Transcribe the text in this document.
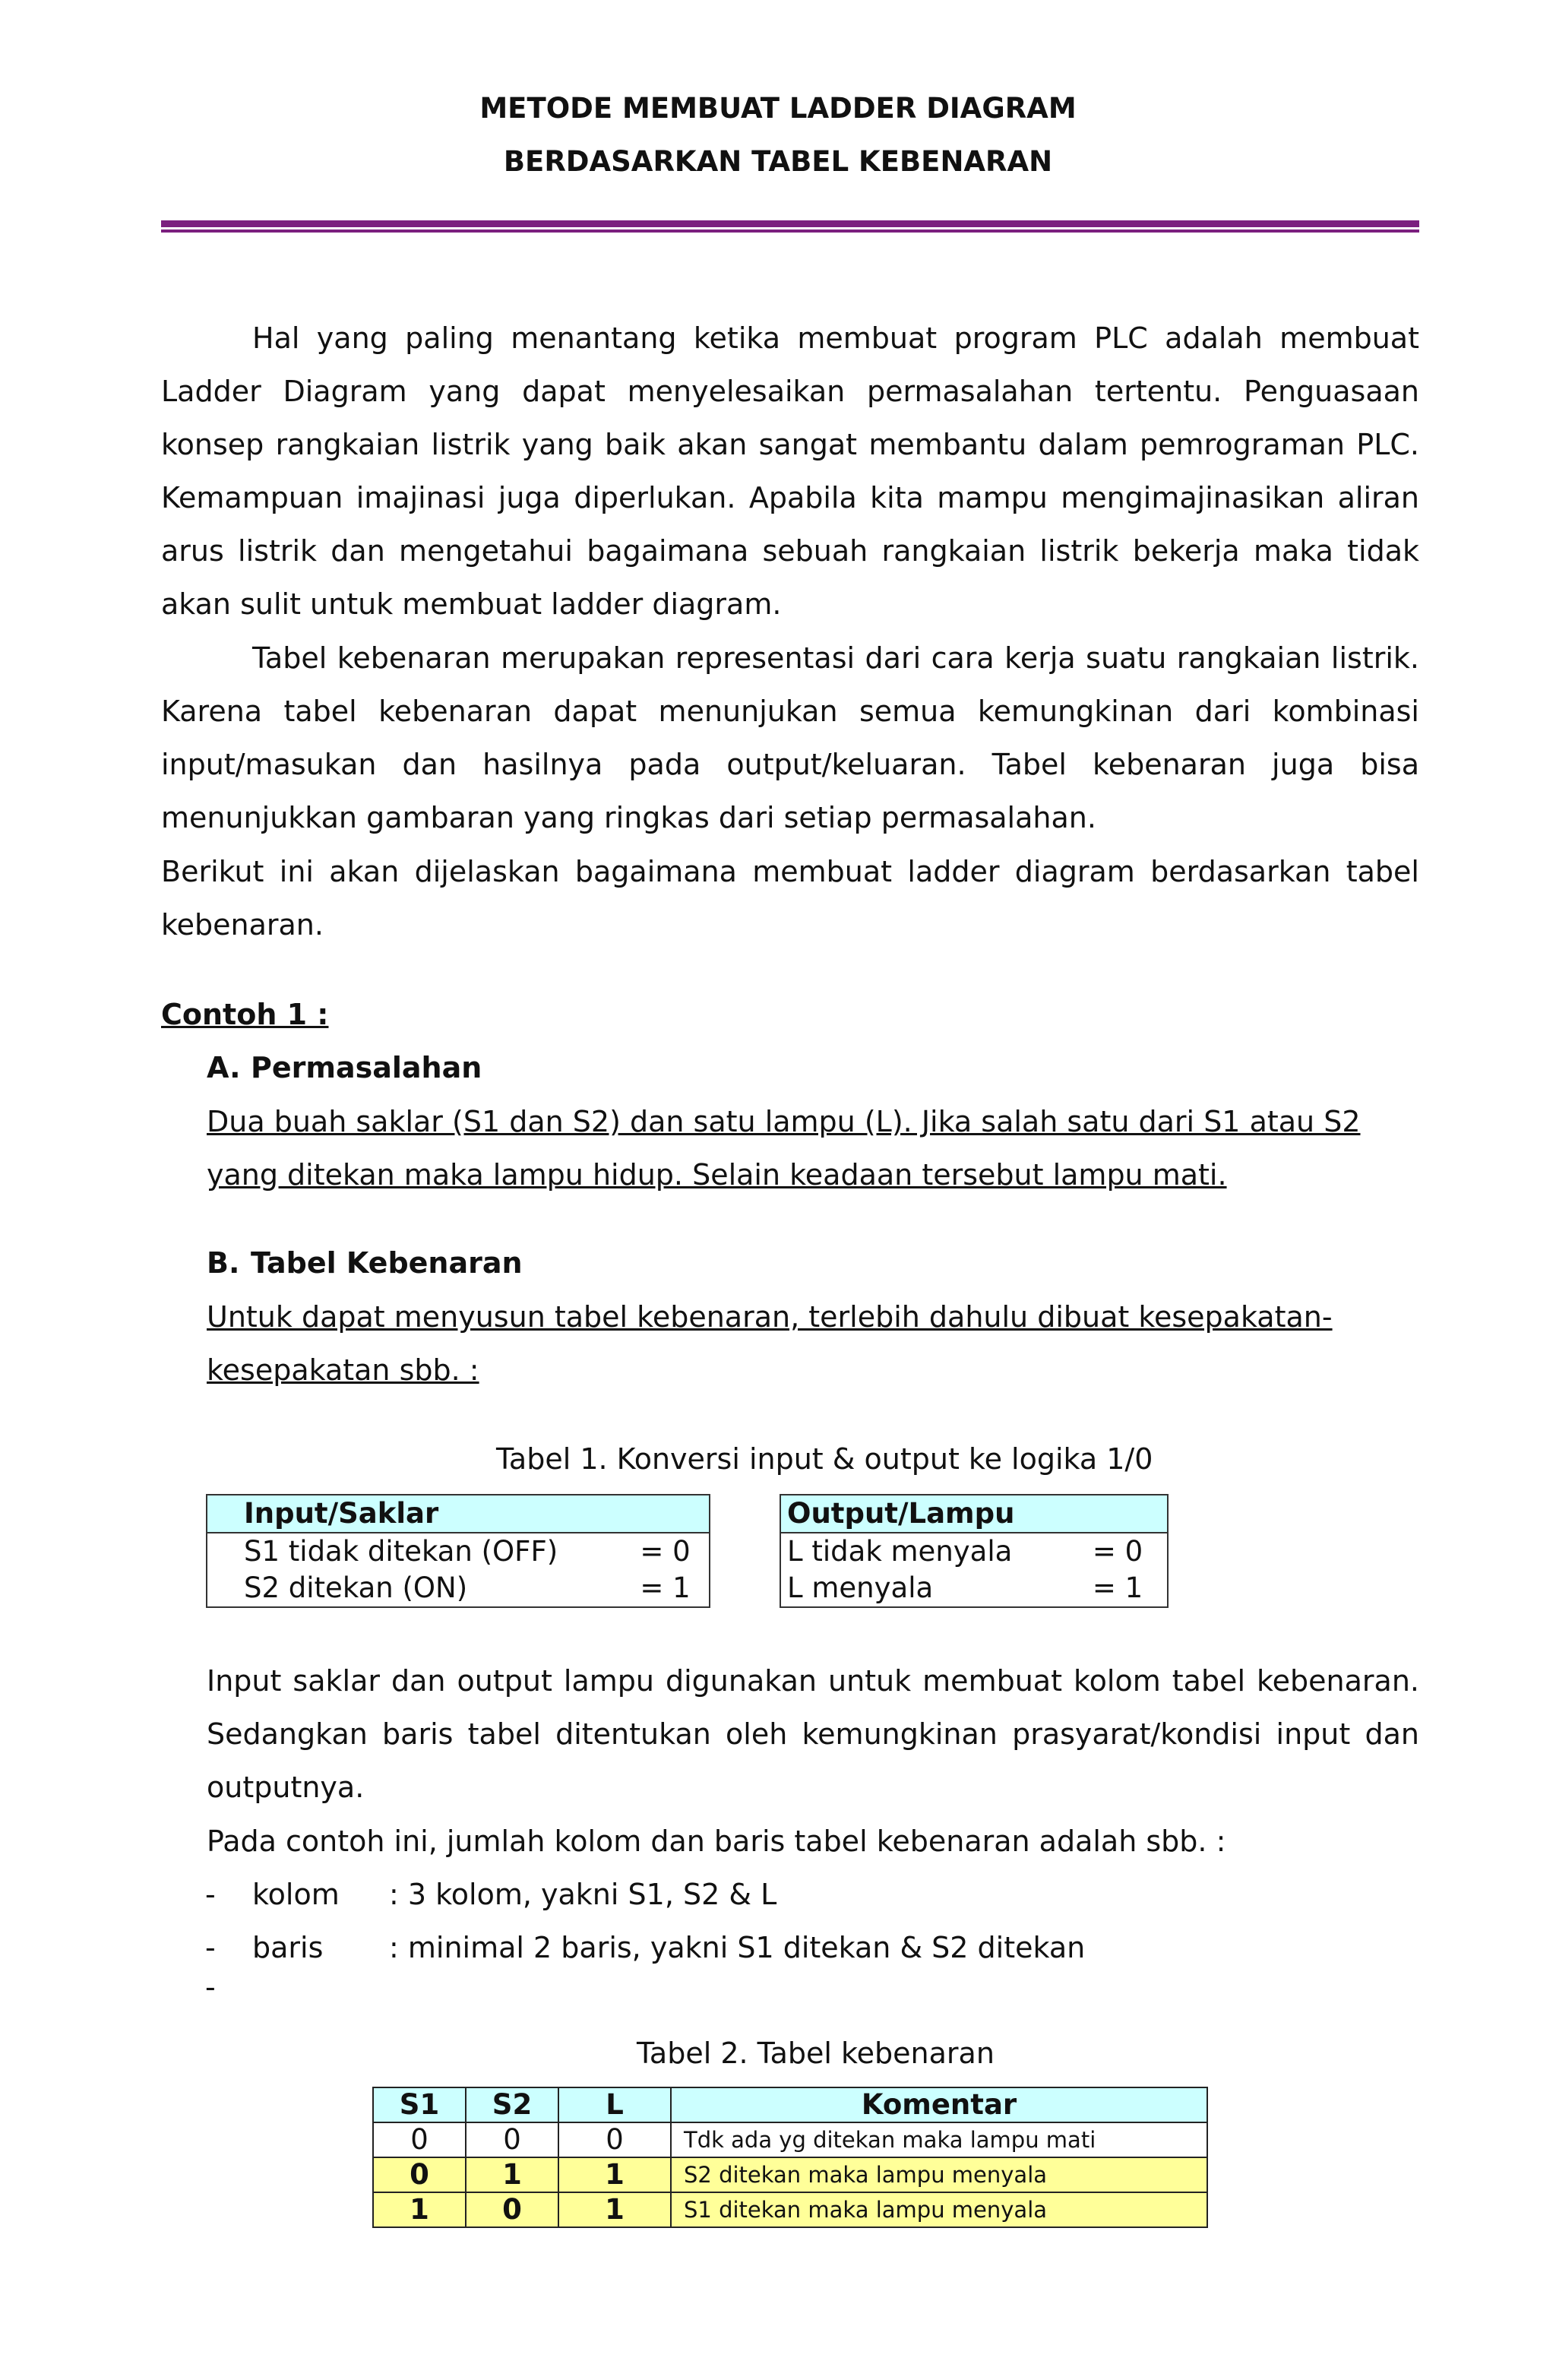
METODE MEMBUAT LADDER DIAGRAM
BERDASARKAN TABEL KEBENARAN

Hal yang paling menantang ketika membuat program PLC adalah membuat Ladder Diagram yang dapat menyelesaikan permasalahan tertentu. Penguasaan konsep rangkaian listrik yang baik akan sangat membantu dalam pemrograman PLC. Kemampuan imajinasi juga diperlukan. Apabila kita mampu mengimajinasikan aliran arus listrik dan mengetahui bagaimana sebuah rangkaian listrik bekerja maka tidak akan sulit untuk membuat ladder diagram.

Tabel kebenaran merupakan representasi dari cara kerja suatu rangkaian listrik. Karena tabel kebenaran dapat menunjukan semua kemungkinan dari kombinasi input/masukan dan hasilnya pada output/keluaran. Tabel kebenaran juga bisa menunjukkan gambaran yang ringkas dari setiap permasalahan.

Berikut ini akan dijelaskan bagaimana membuat ladder diagram berdasarkan tabel kebenaran.

Contoh 1 :
A. Permasalahan

Dua buah saklar (S1 dan S2) dan satu lampu (L). Jika salah satu dari S1 atau S2 yang ditekan maka lampu hidup. Selain keadaan tersebut lampu mati.

B. Tabel Kebenaran

Untuk dapat menyusun tabel kebenaran, terlebih dahulu dibuat kesepakatan-kesepakatan sbb. :

Tabel 1. Konversi input & output ke logika 1/0

Input/Saklar	
S1 tidak ditekan (OFF)	= 0
S2 ditekan (ON)	= 1
Output/Lampu	
L tidak menyala	= 0
L menyala	= 1

Input saklar dan output lampu digunakan untuk membuat kolom tabel kebenaran. Sedangkan baris tabel ditentukan oleh kemungkinan prasyarat/kondisi input dan outputnya.

Pada contoh ini, jumlah kolom dan baris tabel kebenaran adalah sbb. :

- kolom : 3 kolom, yakni S1, S2 & L

- baris : minimal 2 baris, yakni S1 ditekan & S2 ditekan

-

Tabel 2. Tabel kebenaran

S1	S2	L	Komentar
0	0	0	Tdk ada yg ditekan maka lampu mati
0	1	1	S2 ditekan maka lampu menyala
1	0	1	S1 ditekan maka lampu menyala
